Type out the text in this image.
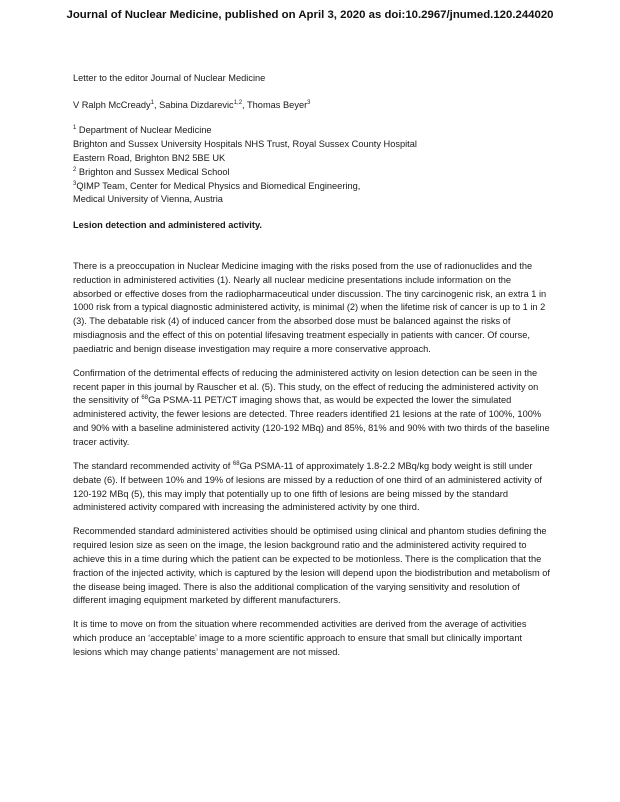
Journal of Nuclear Medicine, published on April 3, 2020 as doi:10.2967/jnumed.120.244020
Letter to the editor Journal of Nuclear Medicine
V Ralph McCready$^1$, Sabina Dizdarevic$^{1,2}$, Thomas Beyer$^3$
$^1$ Department of Nuclear Medicine
Brighton and Sussex University Hospitals NHS Trust, Royal Sussex County Hospital
Eastern Road, Brighton BN2 5BE UK
$^2$ Brighton and Sussex Medical School
$^3$QIMP Team, Center for Medical Physics and Biomedical Engineering,
Medical University of Vienna, Austria
Lesion detection and administered activity.

There is a preoccupation in Nuclear Medicine imaging with the risks posed from the use of radionuclides and the reduction in administered activities (1). Nearly all nuclear medicine presentations include information on the absorbed or effective doses from the radiopharmaceutical under discussion. The tiny carcinogenic risk, an extra 1 in 1000 risk from a typical diagnostic administered activity, is minimal (2) when the lifetime risk of cancer is up to 1 in 2 (3). The debatable risk (4) of induced cancer from the absorbed dose must be balanced against the risks of misdiagnosis and the effect of this on potential lifesaving treatment especially in patients with cancer. Of course, paediatric and benign disease investigation may require a more conservative approach.

Confirmation of the detrimental effects of reducing the administered activity on lesion detection can be seen in the recent paper in this journal by Rauscher et al. (5). This study, on the effect of reducing the administered activity on the sensitivity of $^{68}$Ga PSMA-11 PET/CT imaging shows that, as would be expected the lower the simulated administered activity, the fewer lesions are detected. Three readers identified 21 lesions at the rate of 100%, 100% and 90% with a baseline administered activity (120-192 MBq) and 85%, 81% and 90% with two thirds of the baseline tracer activity.

The standard recommended activity of $^{68}$Ga PSMA-11 of approximately 1.8-2.2 MBq/kg body weight is still under debate (6). If between 10% and 19% of lesions are missed by a reduction of one third of an administered activity of 120-192 MBq (5), this may imply that potentially up to one fifth of lesions are being missed by the standard administered activity compared with increasing the administered activity by one third.

Recommended standard administered activities should be optimised using clinical and phantom studies defining the required lesion size as seen on the image, the lesion background ratio and the administered activity required to achieve this in a time during which the patient can be expected to be motionless. There is the complication that the fraction of the injected activity, which is captured by the lesion will depend upon the biodistribution and metabolism of the disease being imaged. There is also the additional complication of the varying sensitivity and resolution of different imaging equipment marketed by different manufacturers.

It is time to move on from the situation where recommended activities are derived from the average of activities which produce an ‘acceptable’ image to a more scientific approach to ensure that small but clinically important lesions which may change patients’ management are not missed.
